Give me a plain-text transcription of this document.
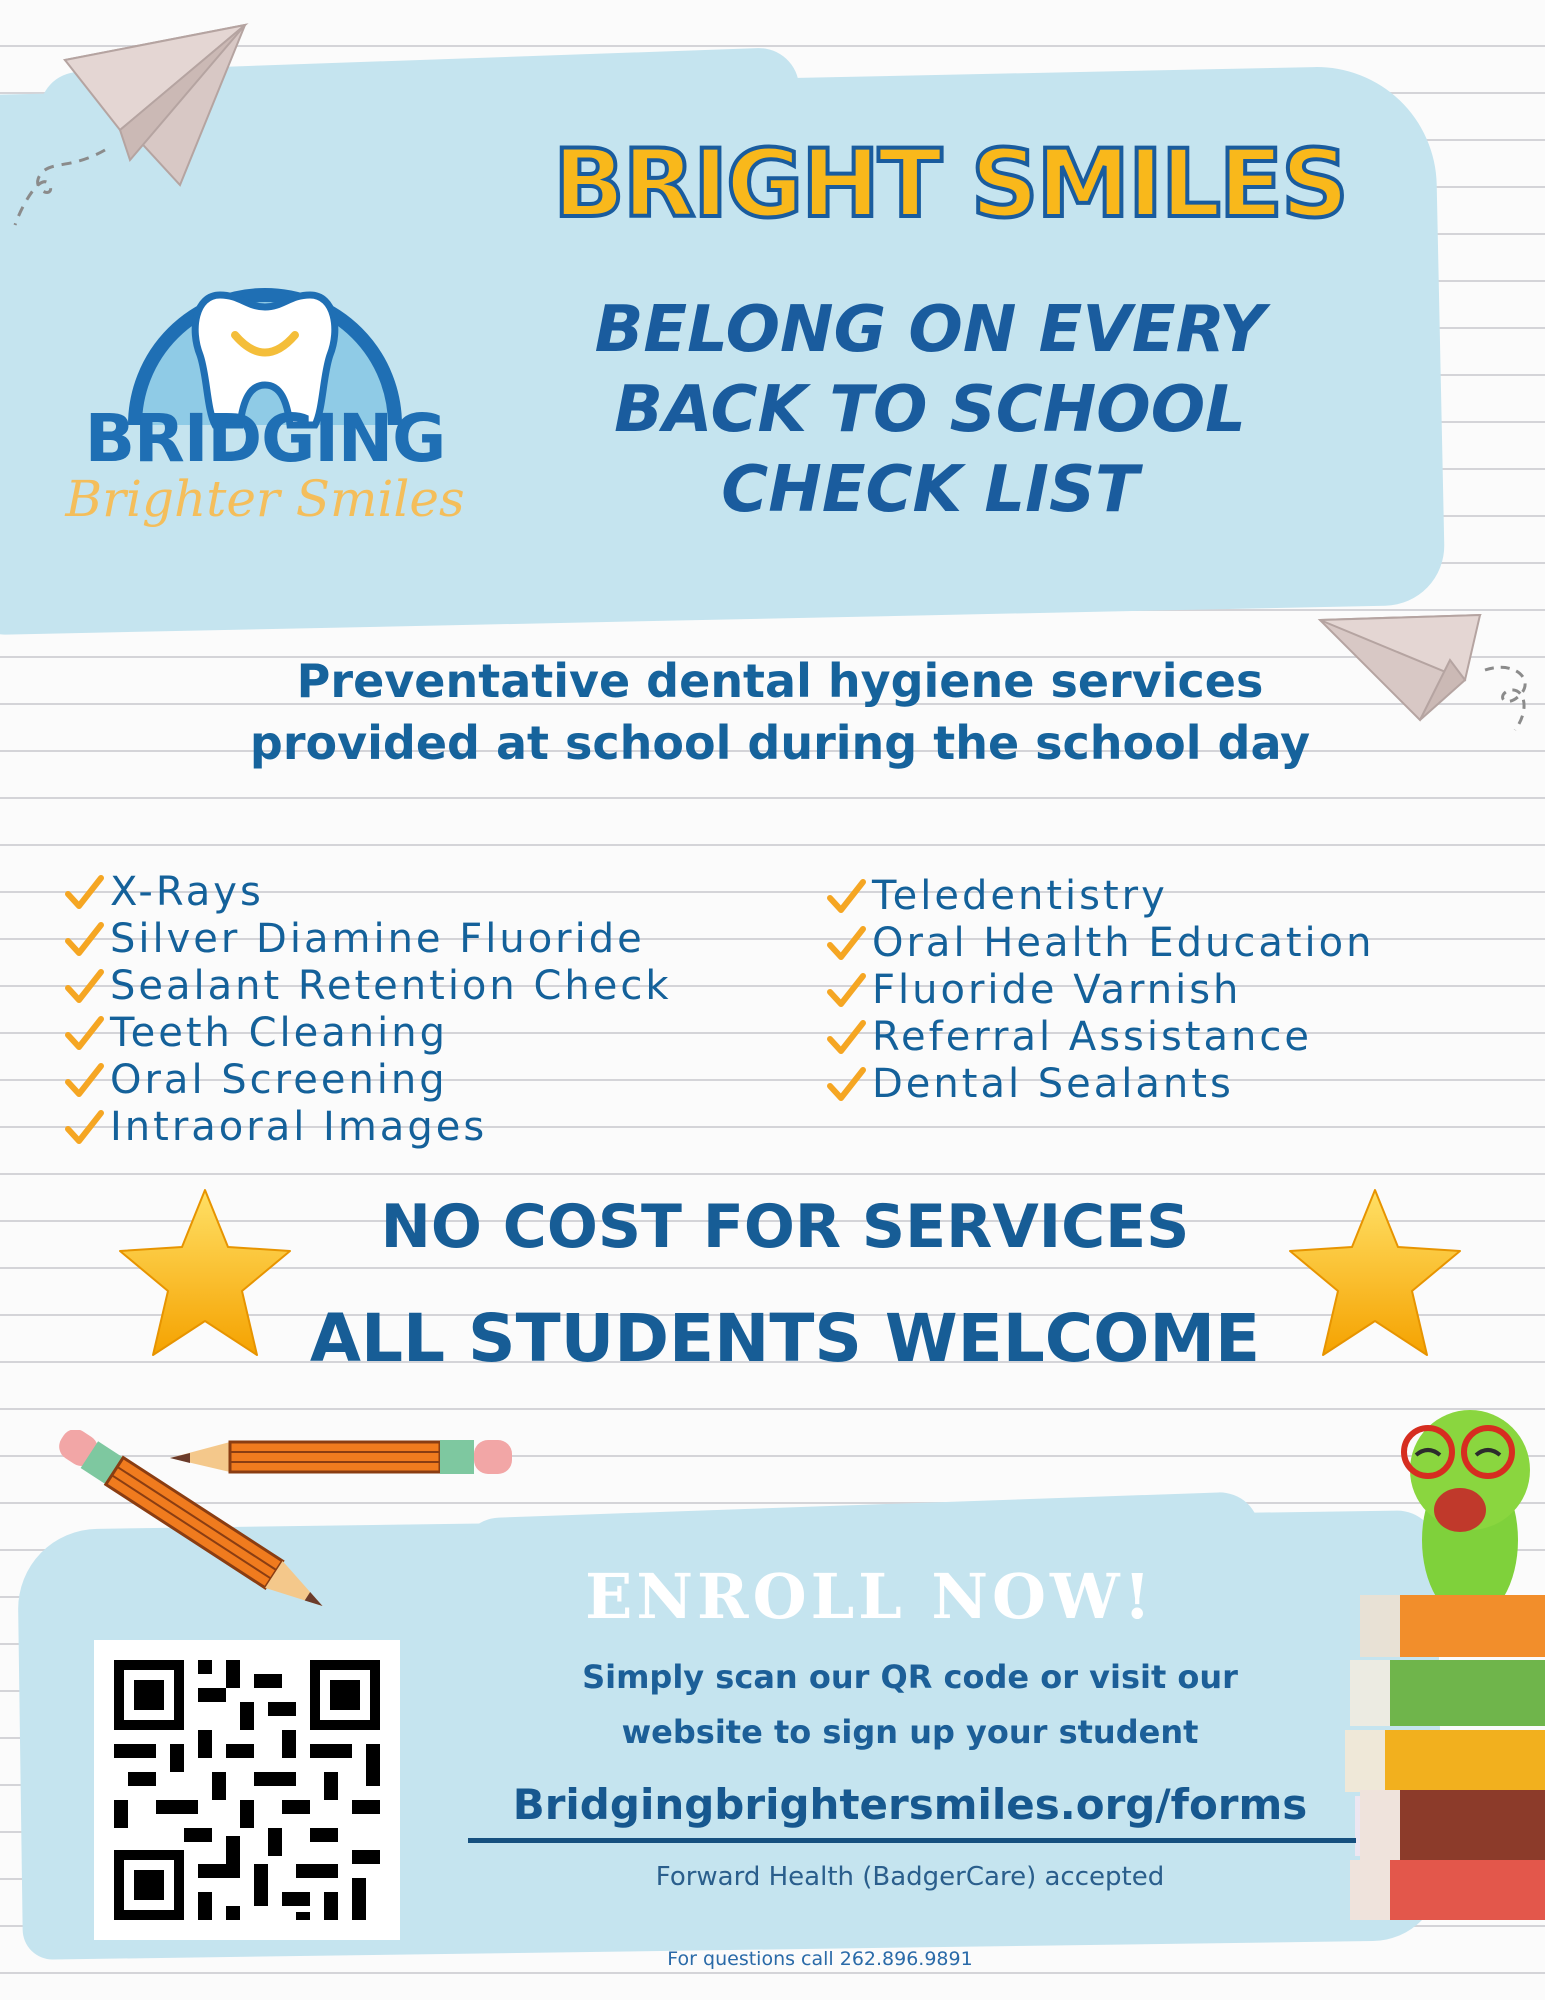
BRIDGING
Brighter Smiles
BRIGHT SMILES
BELONG ON EVERY
BACK TO SCHOOL
CHECK LIST
Preventative dental hygiene services
provided at school during the school day
X-Rays
Silver Diamine Fluoride
Sealant Retention Check
Teeth Cleaning
Oral Screening
Intraoral Images
Teledentistry
Oral Health Education
Fluoride Varnish
Referral Assistance
Dental Sealants
NO COST FOR SERVICES
ALL STUDENTS WELCOME
ENROLL NOW!
Simply scan our QR code or visit our
website to sign up your student
Bridgingbrightersmiles.org/forms
Forward Health (BadgerCare) accepted
For questions call 262.896.9891
